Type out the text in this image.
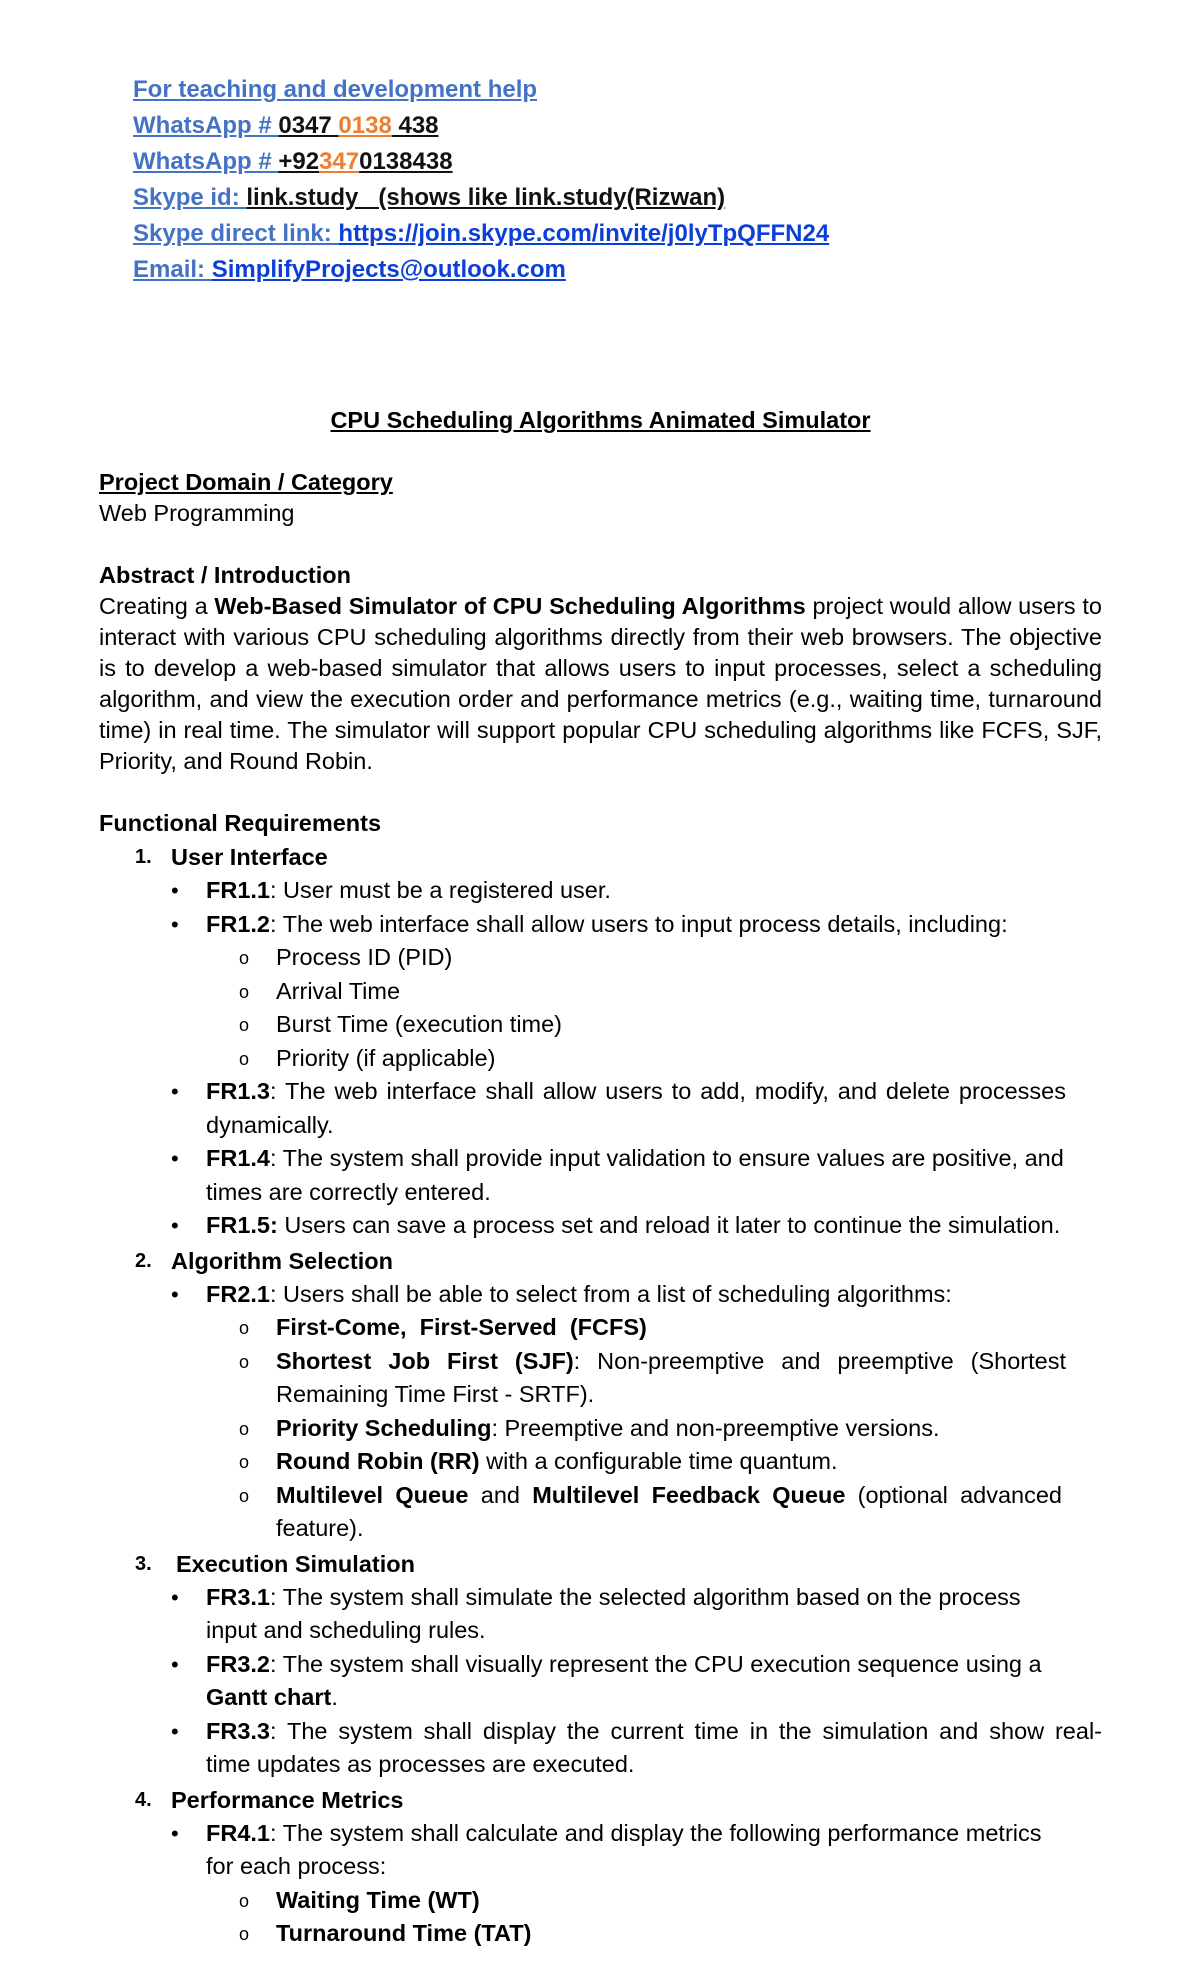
For teaching and development help
WhatsApp # 0347 0138 438
WhatsApp # +923470138438
Skype id: link.study   (shows like link.study(Rizwan)
Skype direct link: https://join.skype.com/invite/j0lyTpQFFN24
Email: SimplifyProjects@outlook.com
CPU Scheduling Algorithms Animated Simulator
Project Domain / Category
Web Programming
Abstract / Introduction
Creating a Web-Based Simulator of CPU Scheduling Algorithms project would allow users to interact with various CPU scheduling algorithms directly from their web browsers. The objective is to develop a web-based simulator that allows users to input processes, select a scheduling algorithm, and view the execution order and performance metrics (e.g., waiting time, turnaround time) in real time. The simulator will support popular CPU scheduling algorithms like FCFS, SJF, Priority, and Round Robin.
Functional Requirements
1. User Interface
• FR1.1: User must be a registered user.
• FR1.2: The web interface shall allow users to input process details, including:
o Process ID (PID)
o Arrival Time
o Burst Time (execution time)
o Priority (if applicable)
• FR1.3: The web interface shall allow users to add, modify, and delete processes dynamically.
• FR1.4: The system shall provide input validation to ensure values are positive, and times are correctly entered.
• FR1.5: Users can save a process set and reload it later to continue the simulation.
2. Algorithm Selection
• FR2.1: Users shall be able to select from a list of scheduling algorithms:
o First-Come,  First-Served  (FCFS)
o Shortest Job First (SJF): Non-preemptive and preemptive (Shortest Remaining Time First - SRTF).
o Priority Scheduling: Preemptive and non-preemptive versions.
o Round Robin (RR) with a configurable time quantum.
o Multilevel Queue and Multilevel Feedback Queue (optional advanced feature).
3. Execution Simulation
• FR3.1: The system shall simulate the selected algorithm based on the process input and scheduling rules.
• FR3.2: The system shall visually represent the CPU execution sequence using a Gantt chart.
• FR3.3: The system shall display the current time in the simulation and show real-  time updates as processes are executed.
4. Performance Metrics
• FR4.1: The system shall calculate and display the following performance metrics for each process:
o Waiting Time (WT)
o Turnaround Time (TAT)
